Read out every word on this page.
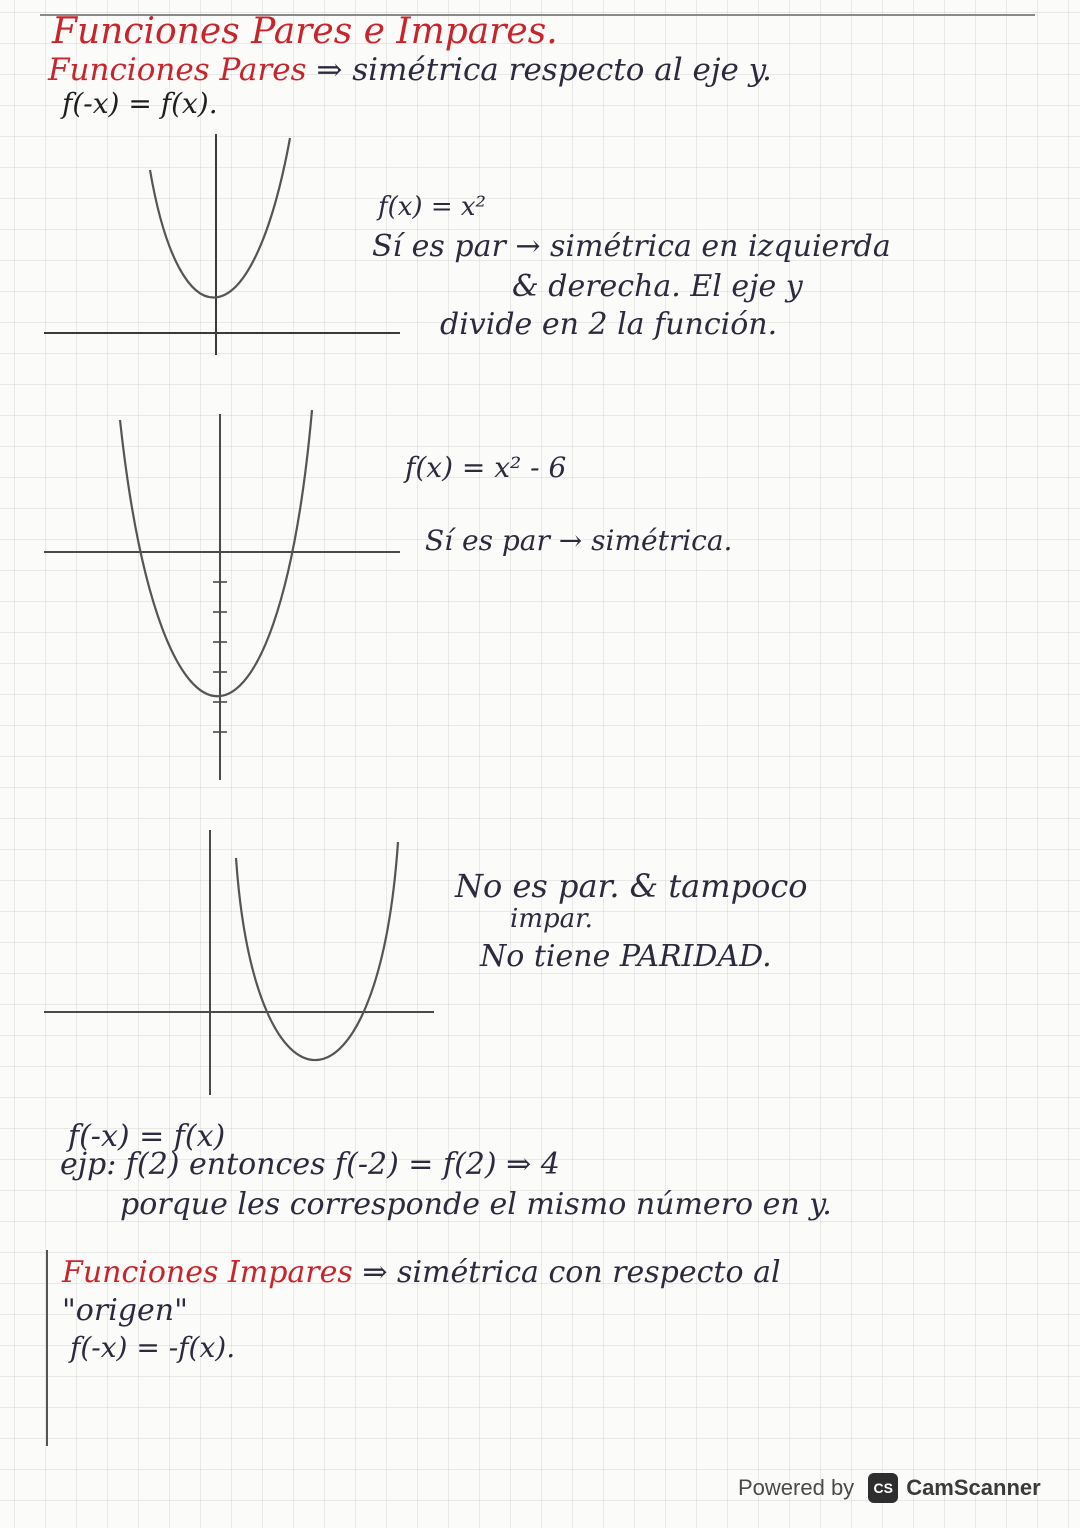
Funciones Pares e Impares.
Funciones Pares ⇒ simétrica respecto al eje y.
f(-x) = f(x).
f(x) = x²
Sí es par → simétrica en izquierda
& derecha. El eje y
divide en 2 la función.
f(x) = x² - 6
Sí es par → simétrica.
No es par. & tampoco
impar.
No tiene PARIDAD.
f(-x) = f(x)
ejp: f(2) entonces f(-2) = f(2) ⇒ 4
porque les corresponde el mismo número en y.
Funciones Impares ⇒ simétrica con respecto al
"origen"
f(-x) = -f(x).
Powered by	CS CamScanner
